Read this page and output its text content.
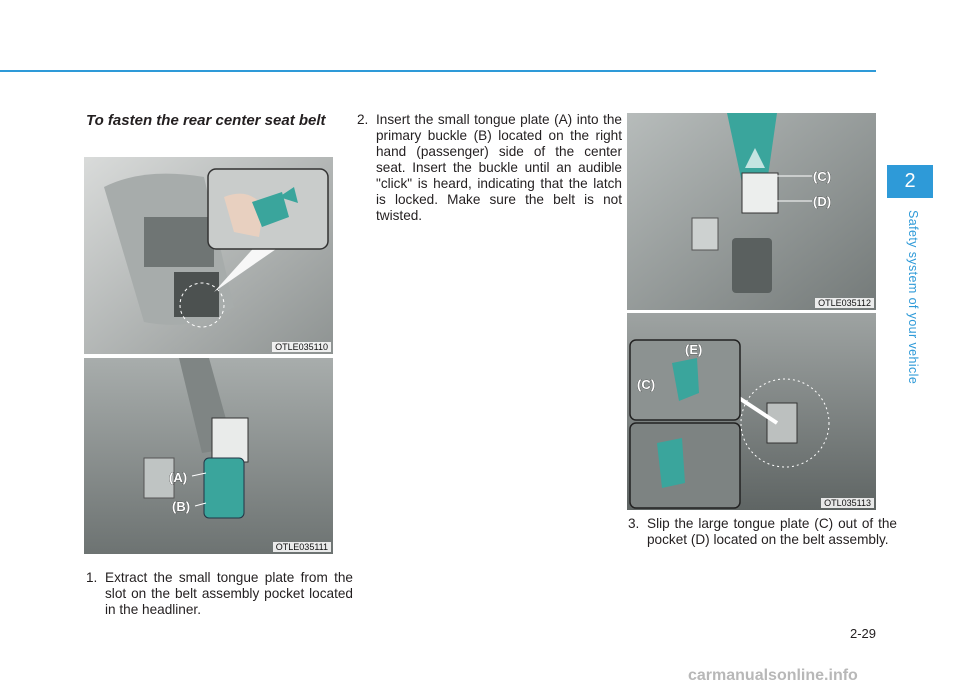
2
Safety system of your vehicle
To fasten the rear center seat belt
OTLE035110
(A)
(B)
OTLE035111
1. Extract the small tongue plate from the slot on the belt assembly pocket located in the headliner.
2. Insert the small tongue plate (A) into the primary buckle (B) located on the right hand (passenger) side of the center seat. Insert the buckle until an audible "click" is heard, indicating that the latch is locked. Make sure the belt is not twisted.
(C)
(D)
OTLE035112
(E)
(C)
OTL035113
3. Slip the large tongue plate (C) out of the pocket (D) located on the belt assembly.
2-29
carmanualsonline.info
